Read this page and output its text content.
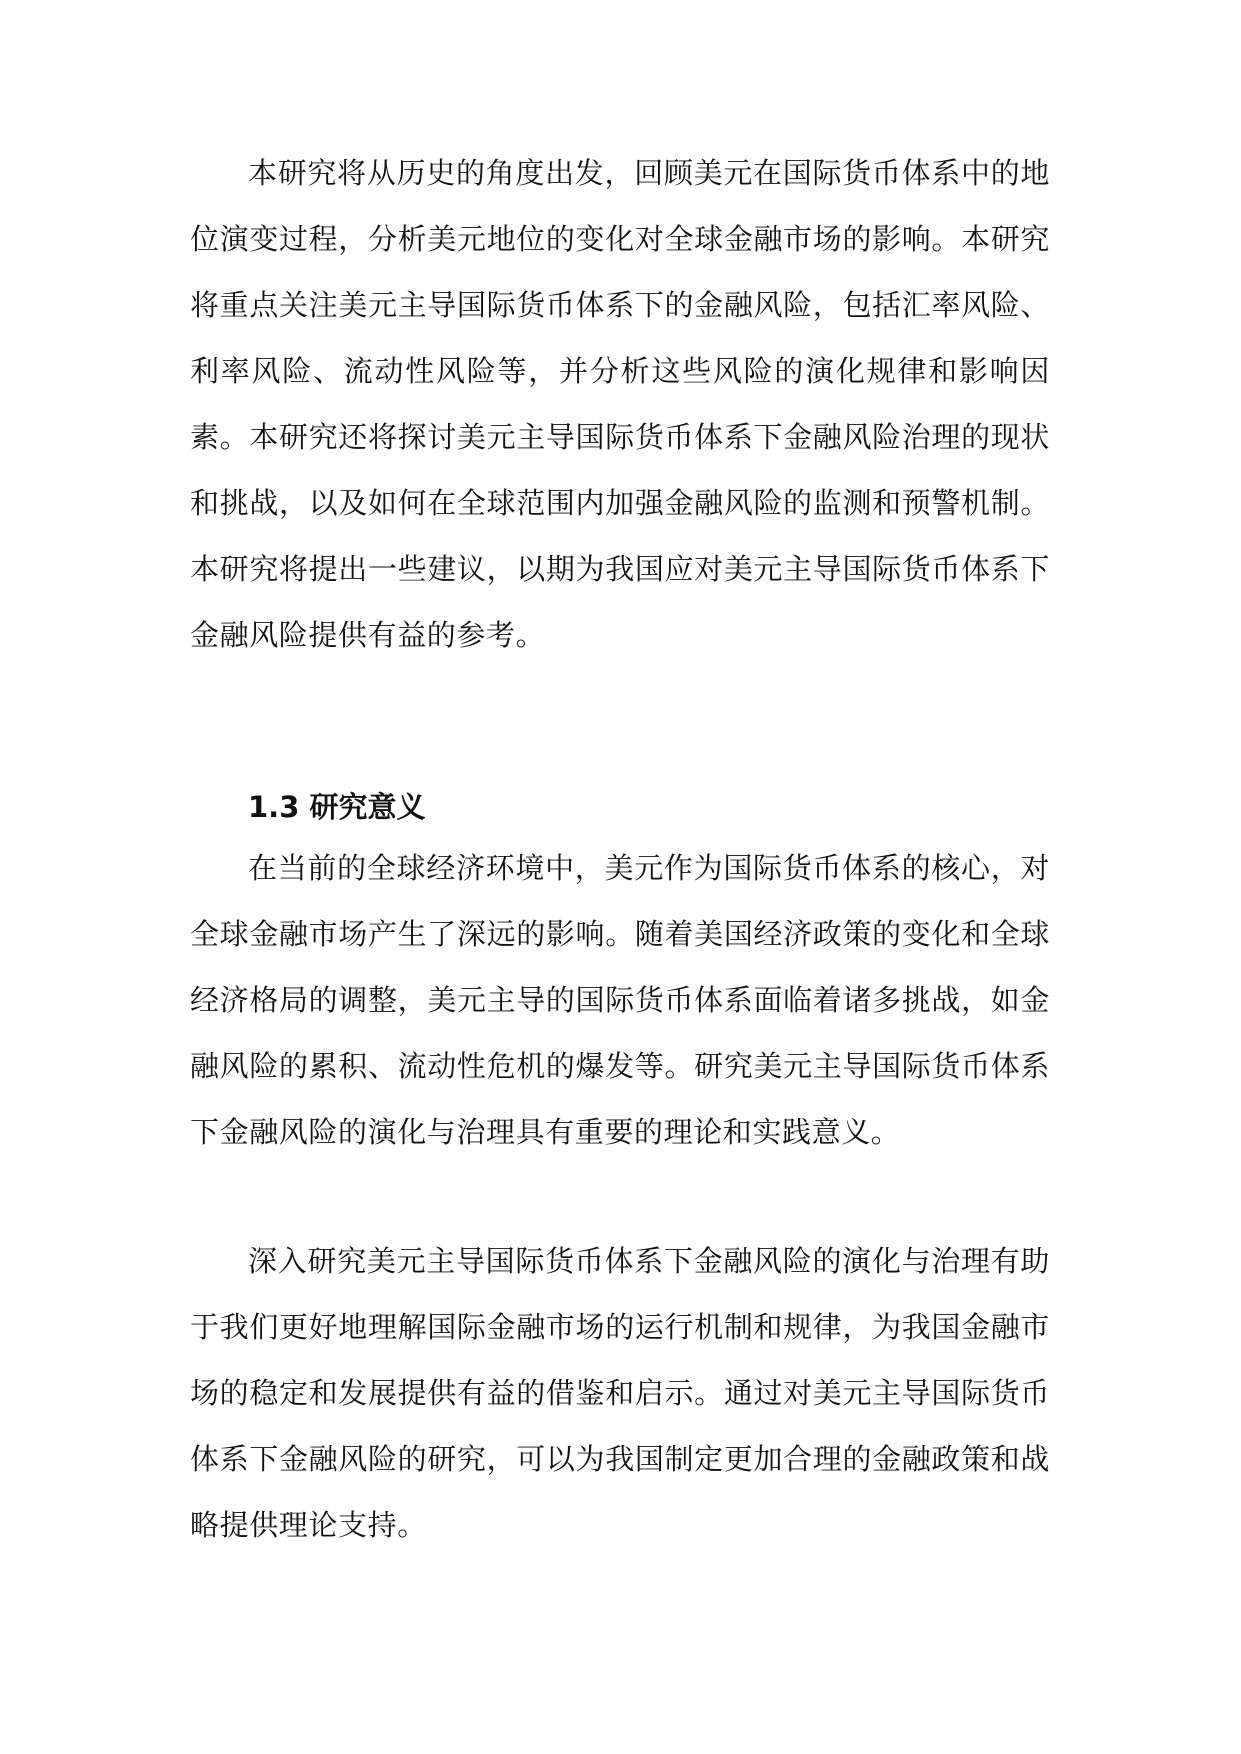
本研究将从历史的角度出发，回顾美元在国际货币体系中的地位演变过程，分析美元地位的变化对全球金融市场的影响。本研究将重点关注美元主导国际货币体系下的金融风险，包括汇率风险、利率风险、流动性风险等，并分析这些风险的演化规律和影响因素。本研究还将探讨美元主导国际货币体系下金融风险治理的现状和挑战，以及如何在全球范围内加强金融风险的监测和预警机制。本研究将提出一些建议，以期为我国应对美元主导国际货币体系下金融风险提供有益的参考。

1.3 研究意义

在当前的全球经济环境中，美元作为国际货币体系的核心，对全球金融市场产生了深远的影响。随着美国经济政策的变化和全球经济格局的调整，美元主导的国际货币体系面临着诸多挑战，如金融风险的累积、流动性危机的爆发等。研究美元主导国际货币体系下金融风险的演化与治理具有重要的理论和实践意义。

深入研究美元主导国际货币体系下金融风险的演化与治理有助于我们更好地理解国际金融市场的运行机制和规律，为我国金融市场的稳定和发展提供有益的借鉴和启示。通过对美元主导国际货币体系下金融风险的研究，可以为我国制定更加合理的金融政策和战略提供理论支持。
